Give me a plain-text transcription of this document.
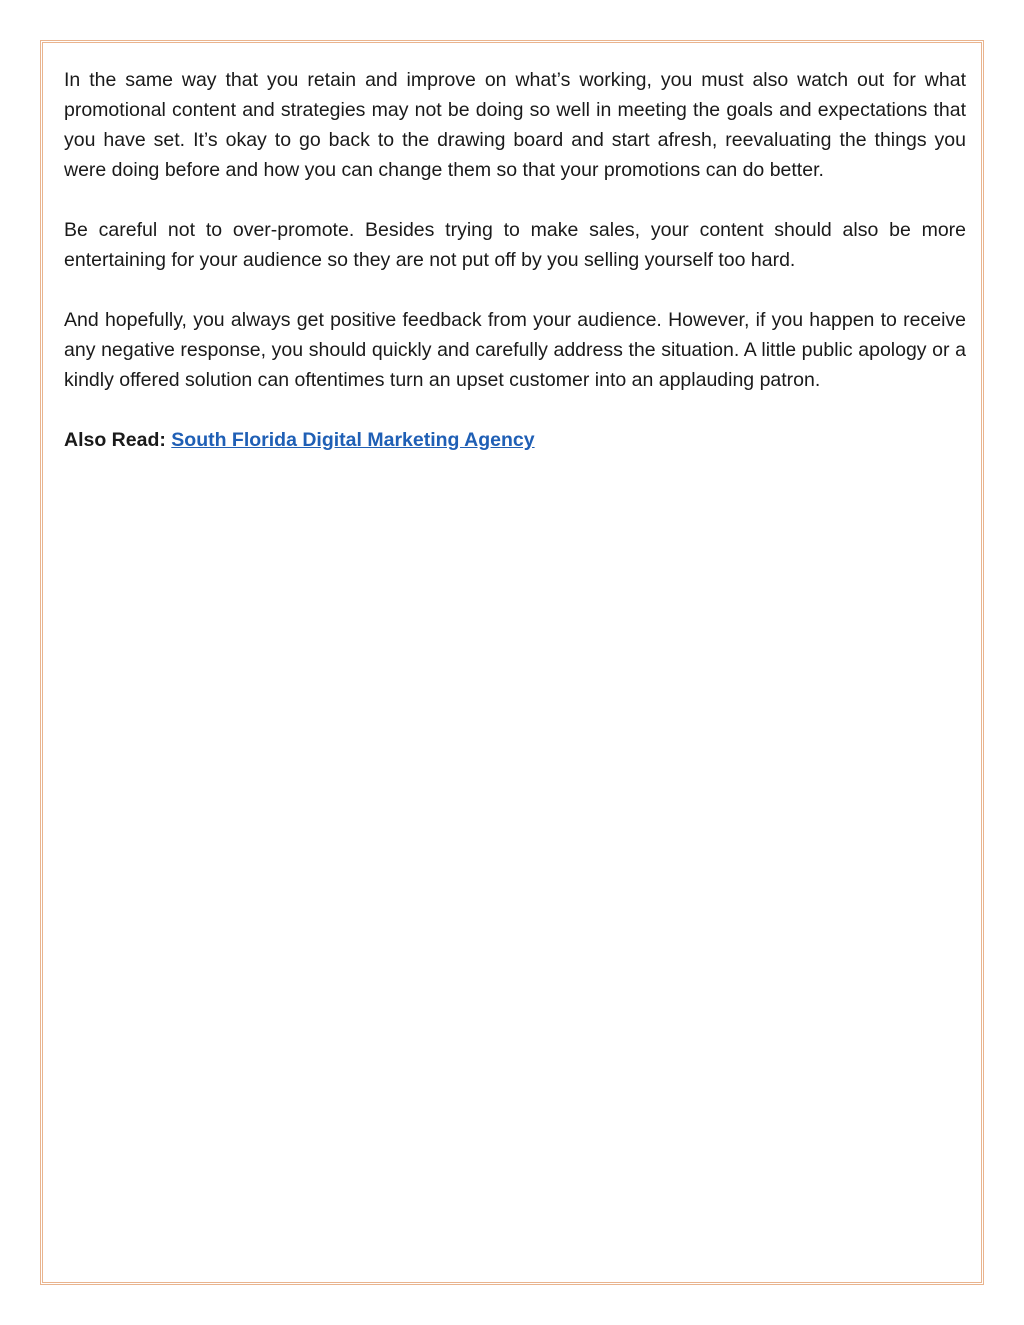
In the same way that you retain and improve on what’s working, you must also watch out for what promotional content and strategies may not be doing so well in meeting the goals and expectations that you have set. It’s okay to go back to the drawing board and start afresh, reevaluating the things you were doing before and how you can change them so that your promotions can do better.

Be careful not to over-promote. Besides trying to make sales, your content should also be more entertaining for your audience so they are not put off by you selling yourself too hard.

And hopefully, you always get positive feedback from your audience. However, if you happen to receive any negative response, you should quickly and carefully address the situation. A little public apology or a kindly offered solution can oftentimes turn an upset customer into an applauding patron.

Also Read: South Florida Digital Marketing Agency
